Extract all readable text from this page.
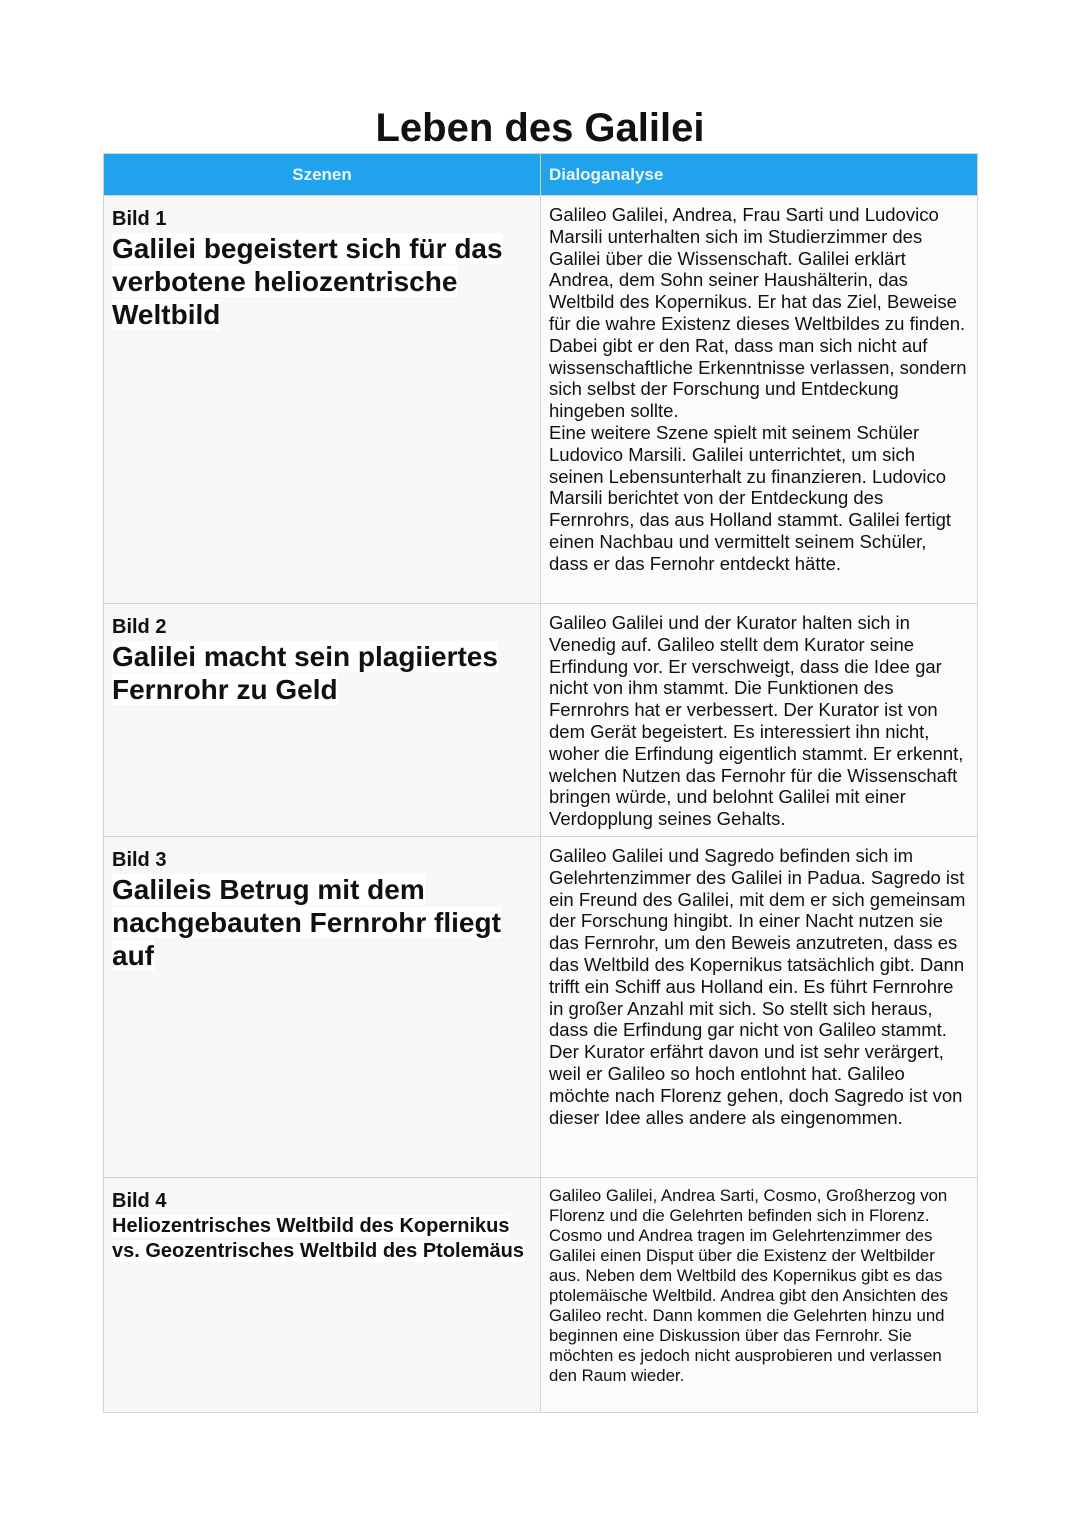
Leben des Galilei
Szenen	Dialoganalyse

Bild 1
Galilei begeistert sich für das verbotene heliozentrische Weltbild	Galileo Galilei, Andrea, Frau Sarti und Ludovico Marsili unterhalten sich im Studierzimmer des Galilei über die Wissenschaft. Galilei erklärt Andrea, dem Sohn seiner Haushälterin, das Weltbild des Kopernikus. Er hat das Ziel, Beweise für die wahre Existenz dieses Weltbildes zu finden. Dabei gibt er den Rat, dass man sich nicht auf wissenschaftliche Erkenntnisse verlassen, sondern sich selbst der Forschung und Entdeckung hingeben sollte.
Eine weitere Szene spielt mit seinem Schüler Ludovico Marsili. Galilei unterrichtet, um sich seinen Lebensunterhalt zu finanzieren. Ludovico Marsili berichtet von der Entdeckung des Fernrohrs, das aus Holland stammt. Galilei fertigt einen Nachbau und vermittelt seinem Schüler, dass er das Fernohr entdeckt hätte.

Bild 2
Galilei macht sein plagiiertes Fernrohr zu Geld	Galileo Galilei und der Kurator halten sich in Venedig auf. Galileo stellt dem Kurator seine Erfindung vor. Er verschweigt, dass die Idee gar nicht von ihm stammt. Die Funktionen des Fernrohrs hat er verbessert. Der Kurator ist von dem Gerät begeistert. Es interessiert ihn nicht, woher die Erfindung eigentlich stammt. Er erkennt, welchen Nutzen das Fernohr für die Wissenschaft bringen würde, und belohnt Galilei mit einer Verdopplung seines Gehalts.

Bild 3
Galileis Betrug mit dem nachgebauten Fernrohr fliegt auf	Galileo Galilei und Sagredo befinden sich im Gelehrtenzimmer des Galilei in Padua. Sagredo ist ein Freund des Galilei, mit dem er sich gemeinsam der Forschung hingibt. In einer Nacht nutzen sie das Fernrohr, um den Beweis anzutreten, dass es das Weltbild des Kopernikus tatsächlich gibt. Dann trifft ein Schiff aus Holland ein. Es führt Fernrohre in großer Anzahl mit sich. So stellt sich heraus, dass die Erfindung gar nicht von Galileo stammt. Der Kurator erfährt davon und ist sehr verärgert, weil er Galileo so hoch entlohnt hat. Galileo möchte nach Florenz gehen, doch Sagredo ist von dieser Idee alles andere als eingenommen.

Bild 4
Heliozentrisches Weltbild des Kopernikus vs. Geozentrisches Weltbild des Ptolemäus	Galileo Galilei, Andrea Sarti, Cosmo, Großherzog von Florenz und die Gelehrten befinden sich in Florenz. Cosmo und Andrea tragen im Gelehrtenzimmer des Galilei einen Disput über die Existenz der Weltbilder aus. Neben dem Weltbild des Kopernikus gibt es das ptolemäische Weltbild. Andrea gibt den Ansichten des Galileo recht. Dann kommen die Gelehrten hinzu und beginnen eine Diskussion über das Fernrohr. Sie möchten es jedoch nicht ausprobieren und verlassen den Raum wieder.
